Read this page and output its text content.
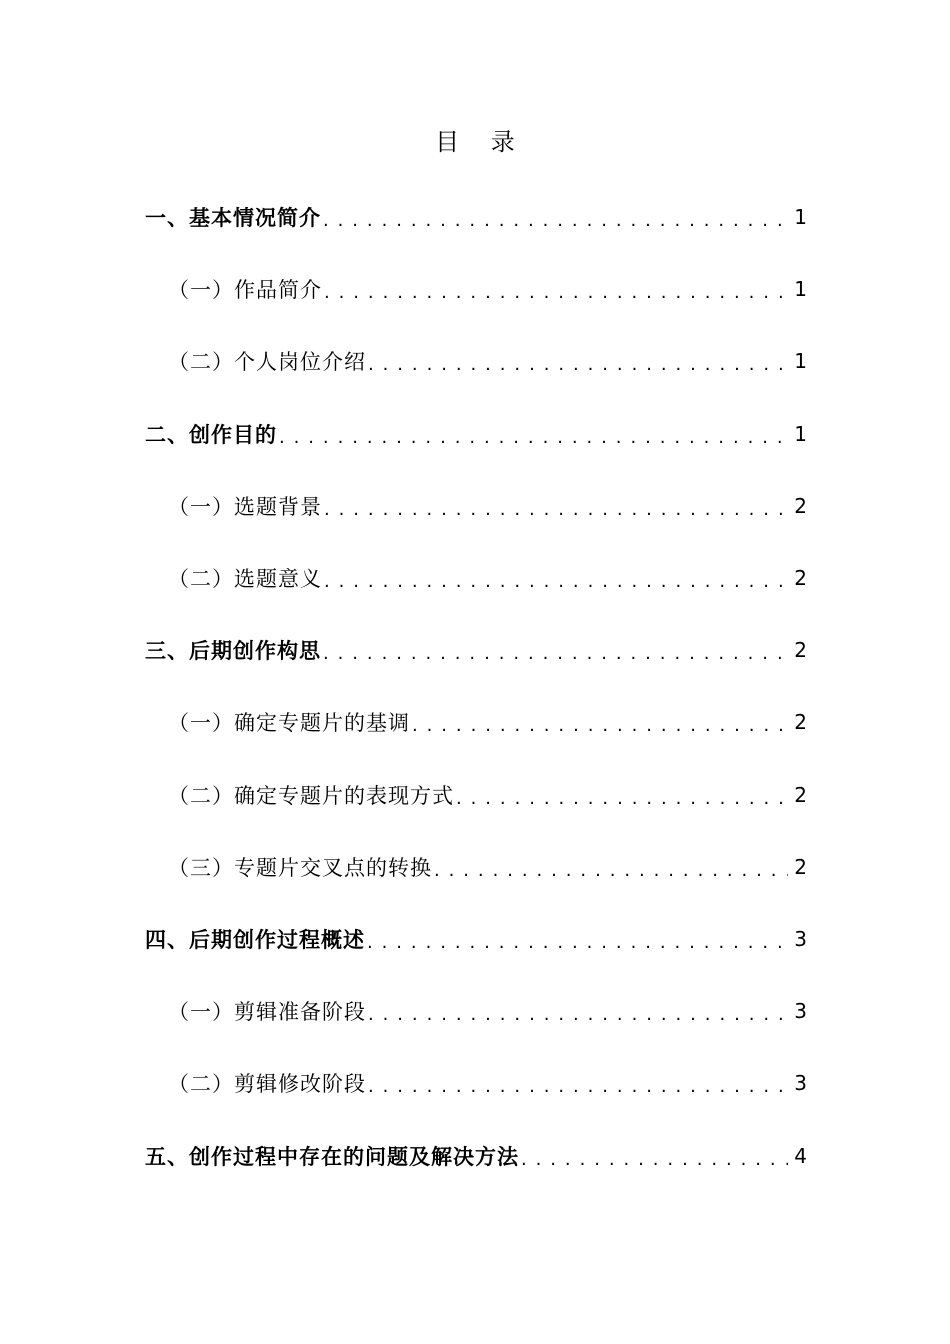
目 录
一、基本情况简介 . . .	1
（一）作品简介 . . .	1
（二）个人岗位介绍 . . .	1
二、创作目的 . . .	1
（一）选题背景 . . .	2
（二）选题意义 . . .	2
三、后期创作构思 . . .	2
（一）确定专题片的基调 . . .	2
（二）确定专题片的表现方式 . . .	2
（三）专题片交叉点的转换 . . .	2
四、后期创作过程概述 . . .	3
（一）剪辑准备阶段 . . .	3
（二）剪辑修改阶段 . . .	3
五、创作过程中存在的问题及解决方法 . . .	4
